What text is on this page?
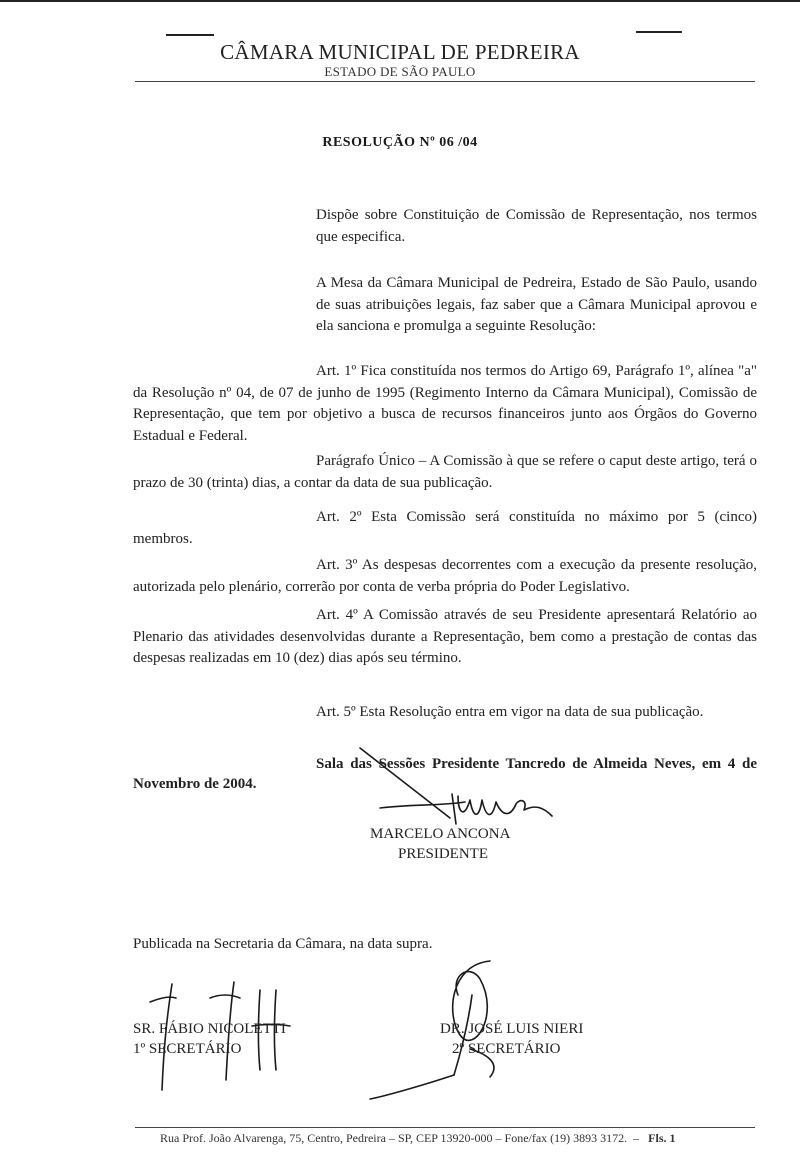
CÂMARA MUNICIPAL DE PEDREIRA
ESTADO DE SÃO PAULO
RESOLUÇÃO Nº 06 /04
Dispõe sobre Constituição de Comissão de Representação, nos termos que especifica.
A Mesa da Câmara Municipal de Pedreira, Estado de São Paulo, usando de suas atribuições legais, faz saber que a Câmara Municipal aprovou e ela sanciona e promulga a seguinte Resolução:
Art. 1º Fica constituída nos termos do Artigo 69, Parágrafo 1º, alínea "a" da Resolução nº 04, de 07 de junho de 1995 (Regimento Interno da Câmara Municipal), Comissão de Representação, que tem por objetivo a busca de recursos financeiros junto aos Órgãos do Governo Estadual e Federal.
Parágrafo Único – A Comissão à que se refere o caput deste artigo, terá o prazo de 30 (trinta) dias, a contar da data de sua publicação.
Art. 2º Esta Comissão será constituída no máximo por 5 (cinco) membros.
Art. 3º As despesas decorrentes com a execução da presente resolução, autorizada pelo plenário, correrão por conta de verba própria do Poder Legislativo.
Art. 4º A Comissão através de seu Presidente apresentará Relatório ao Plenario das atividades desenvolvidas durante a Representação, bem como a prestação de contas das despesas realizadas em 10 (dez) dias após seu término.
Art. 5º Esta Resolução entra em vigor na data de sua publicação.
Sala das Sessões Presidente Tancredo de Almeida Neves, em 4 de
Novembro de 2004.
MARCELO ANCONA
PRESIDENTE
Publicada na Secretaria da Câmara, na data supra.
SR. FÁBIO NICOLETTI
1º SECRETÁRIO
DR. JOSÉ LUIS NIERI
2º SECRETÁRIO
Rua Prof. João Alvarenga, 75, Centro, Pedreira – SP, CEP 13920-000 – Fone/fax (19) 3893 3172.  –   Fls. 1
